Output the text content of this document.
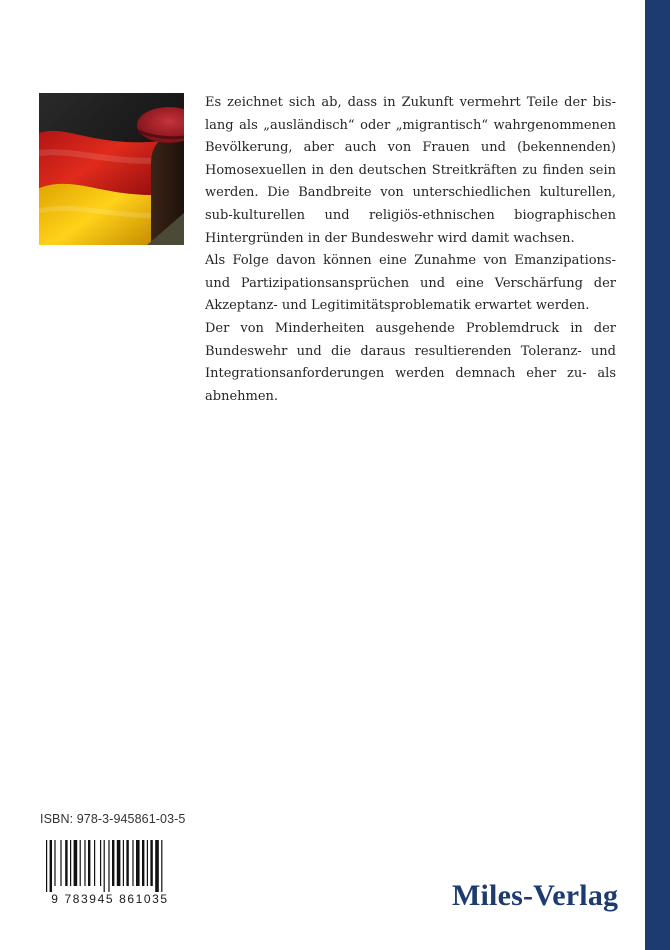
Es zeichnet sich ab, dass in Zukunft vermehrt Teile der bislang als „ausländisch“ oder „migrantisch“ wahrgenommenen Bevölkerung, aber auch von Frauen und (bekennenden) Homosexuellen in den deutschen Streitkräften zu finden sein werden. Die Bandbreite von unterschiedlichen kulturellen, sub-kulturellen und religiös-ethnischen biographischen Hintergründen in der Bundeswehr wird damit wachsen.

Als Folge davon können eine Zunahme von Emanzipations- und Partizipationsansprüchen und eine Verschärfung der Akzeptanz- und Legitimitätsproblematik erwartet werden.

Der von Minderheiten ausgehende Problemdruck in der Bundeswehr und die daraus resultierenden Toleranz- und Integrationsanforderungen werden demnach eher zu- als abnehmen.

ISBN: 978-3-945861-03-5
9 783945 861035	Miles-Verlag
